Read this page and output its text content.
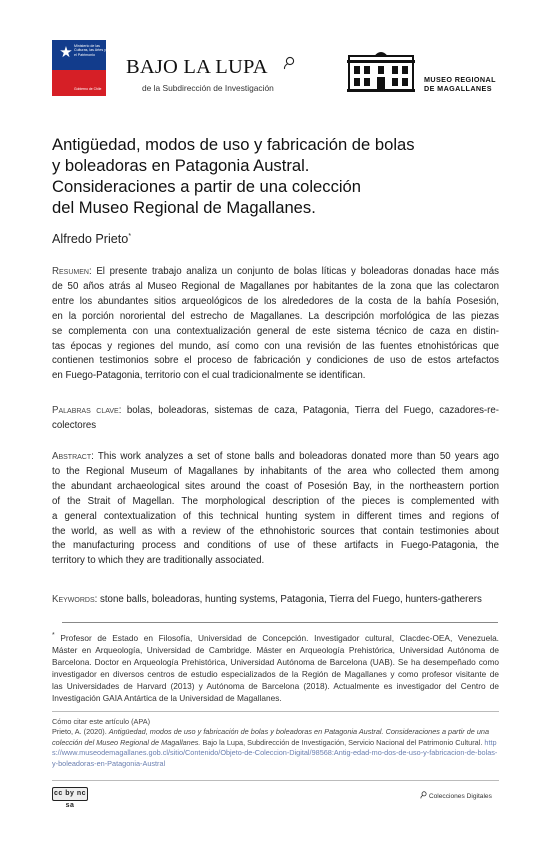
★ Ministerio de las Culturas, las Artes y el Patrimonio
Gobierno de Chile
BAJO LA LUPA
de la Subdirección de Investigación
MUSEO REGIONAL
DE MAGALLANES
Antigüedad, modos de uso y fabricación de bolas
y boleadoras en Patagonia Austral.
Consideraciones a partir de una colección
del Museo Regional de Magallanes.
Alfredo Prieto*
Resumen: El presente trabajo analiza un conjunto de bolas líticas y boleadoras donadas hace más
de 50 años atrás al Museo Regional de Magallanes por habitantes de la zona que las colectaron
entre los abundantes sitios arqueológicos de los alrededores de la costa de la bahía Posesión,
en la porción nororiental del estrecho de Magallanes. La descripción morfológica de las piezas
se complementa con una contextualización general de este sistema técnico de caza en distin-
tas épocas y regiones del mundo, así como con una revisión de las fuentes etnohistóricas que
contienen testimonios sobre el proceso de fabricación y condiciones de uso de estos artefactos
en Fuego-Patagonia, territorio con el cual tradicionalmente se identifican.
Palabras clave: bolas, boleadoras, sistemas de caza, Patagonia, Tierra del Fuego, cazadores-re-
colectores
Abstract: This work analyzes a set of stone balls and boleadoras donated more than 50 years ago
to the Regional Museum of Magallanes by inhabitants of the area who collected them among
the abundant archaeological sites around the coast of Posesión Bay, in the northeastern portion
of the Strait of Magellan. The morphological description of the pieces is complemented with
a general contextualization of this technical hunting system in different times and regions of
the world, as well as with a review of the ethnohistoric sources that contain testimonies about
the manufacturing process and conditions of use of these artifacts in Fuego-Patagonia, the
territory to which they are traditionally associated.
Keywords: stone balls, boleadoras, hunting systems, Patagonia, Tierra del Fuego, hunters-gatherers
* Profesor de Estado en Filosofía, Universidad de Concepción. Investigador cultural, Clacdec-OEA, Venezuela.
Máster en Arqueología, Universidad de Cambridge. Máster en Arqueología Prehistórica, Universidad Autónoma de
Barcelona. Doctor en Arqueología Prehistórica, Universidad Autónoma de Barcelona (UAB). Se ha desempeñado como
investigador en diversos centros de estudio especializados de la Región de Magallanes y como profesor visitante de
las Universidades de Harvard (2013) y Autónoma de Barcelona (2018). Actualmente es investigador del Centro de
Investigación GAIA Antártica de la Universidad de Magallanes.
Cómo citar este artículo (APA)
Prieto, A. (2020). Antigüedad, modos de uso y fabricación de bolas y boleadoras en Patagonia Austral. Consideraciones a partir de una colección del Museo Regional de Magallanes. Bajo la Lupa, Subdirección de Investigación, Servicio Nacional del Patrimonio Cultural. https://www.museodemagallanes.gob.cl/sitio/Contenido/Objeto-de-Coleccion-Digital/98568:Antig-edad-mo-dos-de-uso-y-fabricacion-de-bolas-y-boleadoras-en-Patagonia-Austral
cc by nc sa
Colecciones Digitales
